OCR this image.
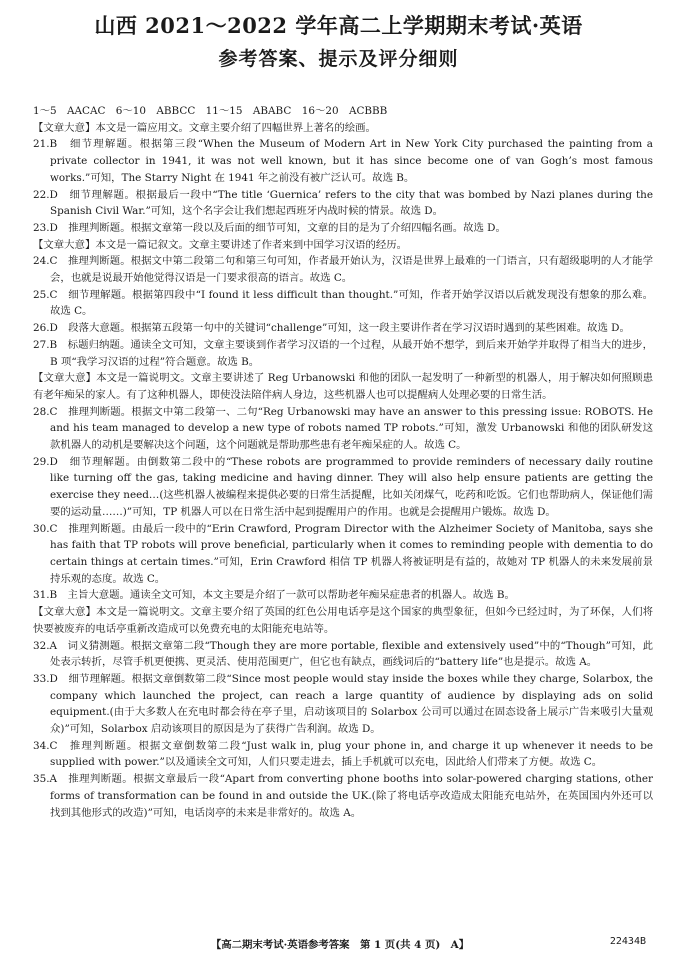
山西 2021～2022 学年高二上学期期末考试·英语
参考答案、提示及评分细则
1～5　AACAC　6～10　ABBCC　11～15　ABABC　16～20　ACBBB

【文章大意】本文是一篇应用文。文章主要介绍了四幅世界上著名的绘画。

21.B　细节理解题。根据第三段“When the Museum of Modern Art in New York City purchased the painting from a private collector in 1941, it was not well known, but it has since become one of van Gogh’s most famous works.”可知，The Starry Night 在 1941 年之前没有被广泛认可。故选 B。

22.D　细节理解题。根据最后一段中“The title ‘Guernica’ refers to the city that was bombed by Nazi planes during the Spanish Civil War.”可知，这个名字会让我们想起西班牙内战时候的情景。故选 D。

23.D　推理判断题。根据文章第一段以及后面的细节可知，文章的目的是为了介绍四幅名画。故选 D。

【文章大意】本文是一篇记叙文。文章主要讲述了作者来到中国学习汉语的经历。

24.C　推理判断题。根据文中第二段第二句和第三句可知，作者最开始认为，汉语是世界上最难的一门语言，只有超级聪明的人才能学会，也就是说最开始他觉得汉语是一门要求很高的语言。故选 C。

25.C　细节理解题。根据第四段中“I found it less difficult than thought.”可知，作者开始学汉语以后就发现没有想象的那么难。故选 C。

26.D　段落大意题。根据第五段第一句中的关键词“challenge”可知，这一段主要讲作者在学习汉语时遇到的某些困难。故选 D。

27.B　标题归纳题。通读全文可知，文章主要谈到作者学习汉语的一个过程，从最开始不想学，到后来开始学并取得了相当大的进步，B 项“我学习汉语的过程”符合题意。故选 B。

【文章大意】本文是一篇说明文。文章主要讲述了 Reg Urbanowski 和他的团队一起发明了一种新型的机器人，用于解决如何照顾患有老年痴呆的家人。有了这种机器人，即使没法陪伴病人身边，这些机器人也可以提醒病人处理必要的日常生活。

28.C　推理判断题。根据文中第二段第一、二句“Reg Urbanowski may have an answer to this pressing issue: ROBOTS. He and his team managed to develop a new type of robots named TP robots.”可知，激发 Urbanowski 和他的团队研发这款机器人的动机是要解决这个问题，这个问题就是帮助那些患有老年痴呆症的人。故选 C。

29.D　细节理解题。由倒数第二段中的“These robots are programmed to provide reminders of necessary daily routine like turning off the gas, taking medicine and having dinner. They will also help ensure patients are getting the exercise they need…(这些机器人被编程来提供必要的日常生活提醒，比如关闭煤气，吃药和吃饭。它们也帮助病人，保证他们需要的运动量……)”可知，TP 机器人可以在日常生活中起到提醒用户的作用。也就是会提醒用户锻炼。故选 D。

30.C　推理判断题。由最后一段中的“Erin Crawford, Program Director with the Alzheimer Society of Manitoba, says she has faith that TP robots will prove beneficial, particularly when it comes to reminding people with dementia to do certain things at certain times.”可知，Erin Crawford 相信 TP 机器人将被证明是有益的，故她对 TP 机器人的未来发展前景持乐观的态度。故选 C。

31.B　主旨大意题。通读全文可知，本文主要是介绍了一款可以帮助老年痴呆症患者的机器人。故选 B。

【文章大意】本文是一篇说明文。文章主要介绍了英国的红色公用电话亭是这个国家的典型象征，但如今已经过时，为了环保，人们将快要被废弃的电话亭重新改造成可以免费充电的太阳能充电站等。

32.A　词义猜测题。根据文章第二段“Though they are more portable, flexible and extensively used”中的“Though”可知，此处表示转折，尽管手机更便携、更灵活、使用范围更广，但它也有缺点，画线词后的“battery life”也是提示。故选 A。

33.D　细节理解题。根据文章倒数第二段“Since most people would stay inside the boxes while they charge, Solarbox, the company which launched the project, can reach a large quantity of audience by displaying ads on solid equipment.(由于大多数人在充电时都会待在亭子里，启动该项目的 Solarbox 公司可以通过在固态设备上展示广告来吸引大量观众)”可知，Solarbox 启动该项目的原因是为了获得广告利润。故选 D。

34.C　推理判断题。根据文章倒数第二段“Just walk in, plug your phone in, and charge it up whenever it needs to be supplied with power.”以及通读全文可知，人们只要走进去，插上手机就可以充电，因此给人们带来了方便。故选 C。

35.A　推理判断题。根据文章最后一段“Apart from converting phone booths into solar-powered charging stations, other forms of transformation can be found in and outside the UK.(除了将电话亭改造成太阳能充电站外，在英国国内外还可以找到其他形式的改造)”可知，电话岗亭的未来是非常好的。故选 A。

【高二期末考试·英语参考答案　第 1 页(共 4 页)　A】	22434B
